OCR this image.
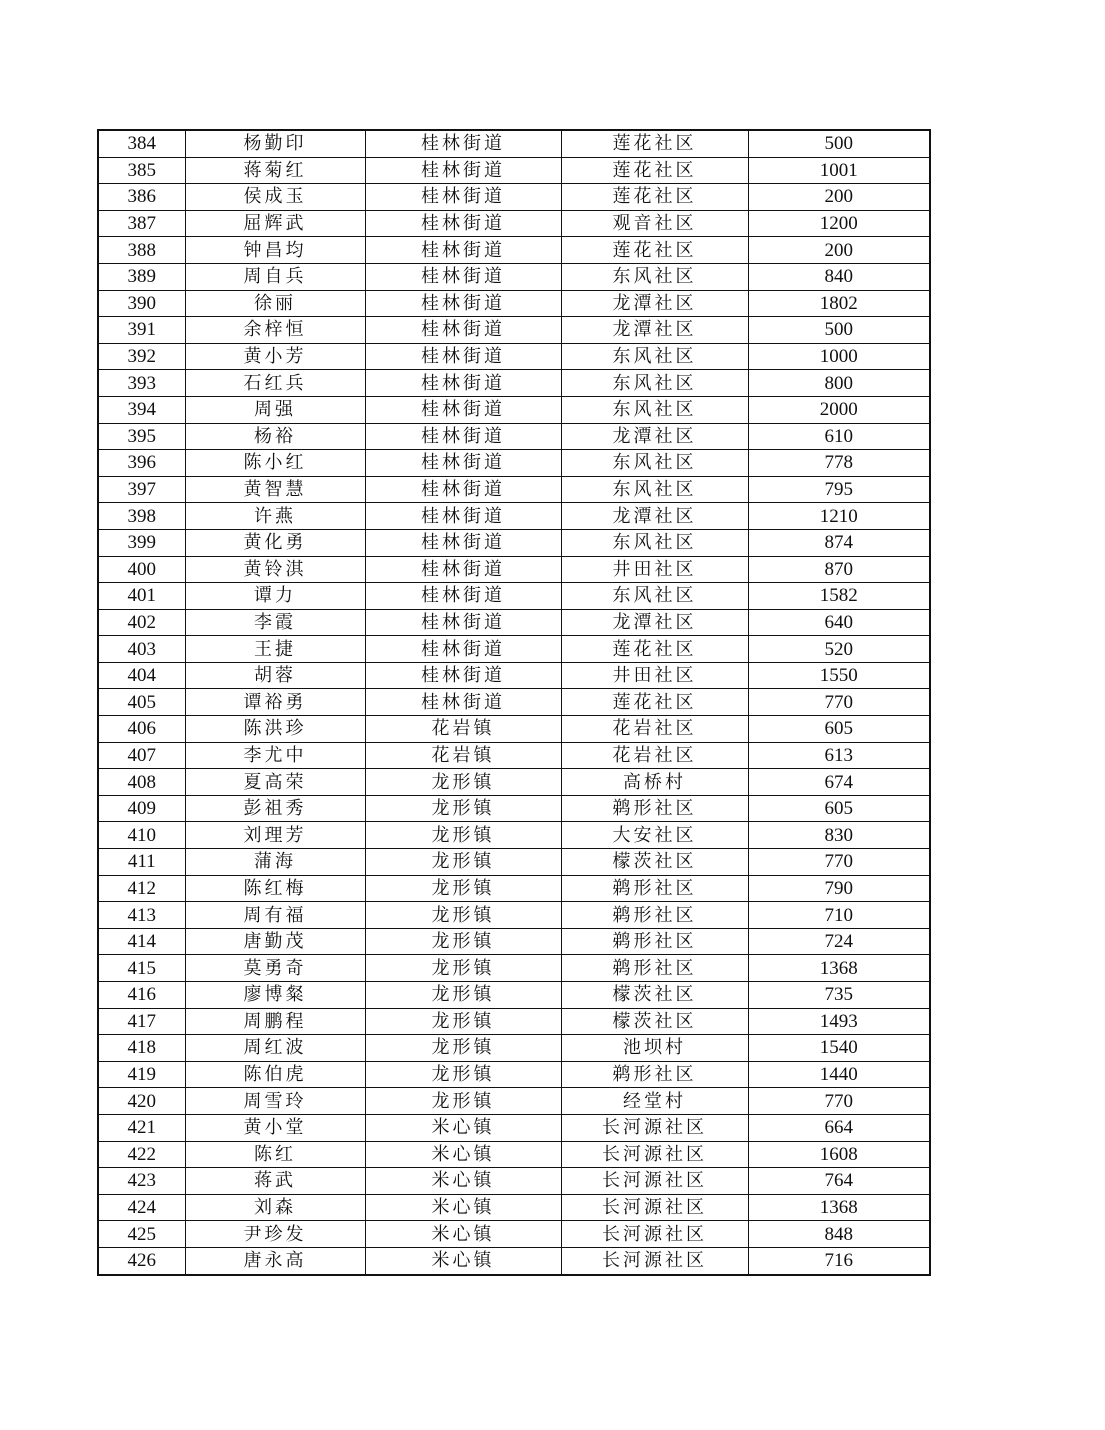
384	杨勤印	桂林街道	莲花社区	500
385	蒋菊红	桂林街道	莲花社区	1001
386	侯成玉	桂林街道	莲花社区	200
387	屈辉武	桂林街道	观音社区	1200
388	钟昌均	桂林街道	莲花社区	200
389	周自兵	桂林街道	东风社区	840
390	徐丽	桂林街道	龙潭社区	1802
391	余梓恒	桂林街道	龙潭社区	500
392	黄小芳	桂林街道	东风社区	1000
393	石红兵	桂林街道	东风社区	800
394	周强	桂林街道	东风社区	2000
395	杨裕	桂林街道	龙潭社区	610
396	陈小红	桂林街道	东风社区	778
397	黄智慧	桂林街道	东风社区	795
398	许燕	桂林街道	龙潭社区	1210
399	黄化勇	桂林街道	东风社区	874
400	黄铃淇	桂林街道	井田社区	870
401	谭力	桂林街道	东风社区	1582
402	李霞	桂林街道	龙潭社区	640
403	王捷	桂林街道	莲花社区	520
404	胡蓉	桂林街道	井田社区	1550
405	谭裕勇	桂林街道	莲花社区	770
406	陈洪珍	花岩镇	花岩社区	605
407	李尤中	花岩镇	花岩社区	613
408	夏高荣	龙形镇	高桥村	674
409	彭祖秀	龙形镇	鹈形社区	605
410	刘理芳	龙形镇	大安社区	830
411	蒲海	龙形镇	檬茨社区	770
412	陈红梅	龙形镇	鹈形社区	790
413	周有福	龙形镇	鹈形社区	710
414	唐勤茂	龙形镇	鹈形社区	724
415	莫勇奇	龙形镇	鹈形社区	1368
416	廖博粲	龙形镇	檬茨社区	735
417	周鹏程	龙形镇	檬茨社区	1493
418	周红波	龙形镇	池坝村	1540
419	陈伯虎	龙形镇	鹈形社区	1440
420	周雪玲	龙形镇	经堂村	770
421	黄小堂	米心镇	长河源社区	664
422	陈红	米心镇	长河源社区	1608
423	蒋武	米心镇	长河源社区	764
424	刘森	米心镇	长河源社区	1368
425	尹珍发	米心镇	长河源社区	848
426	唐永高	米心镇	长河源社区	716
